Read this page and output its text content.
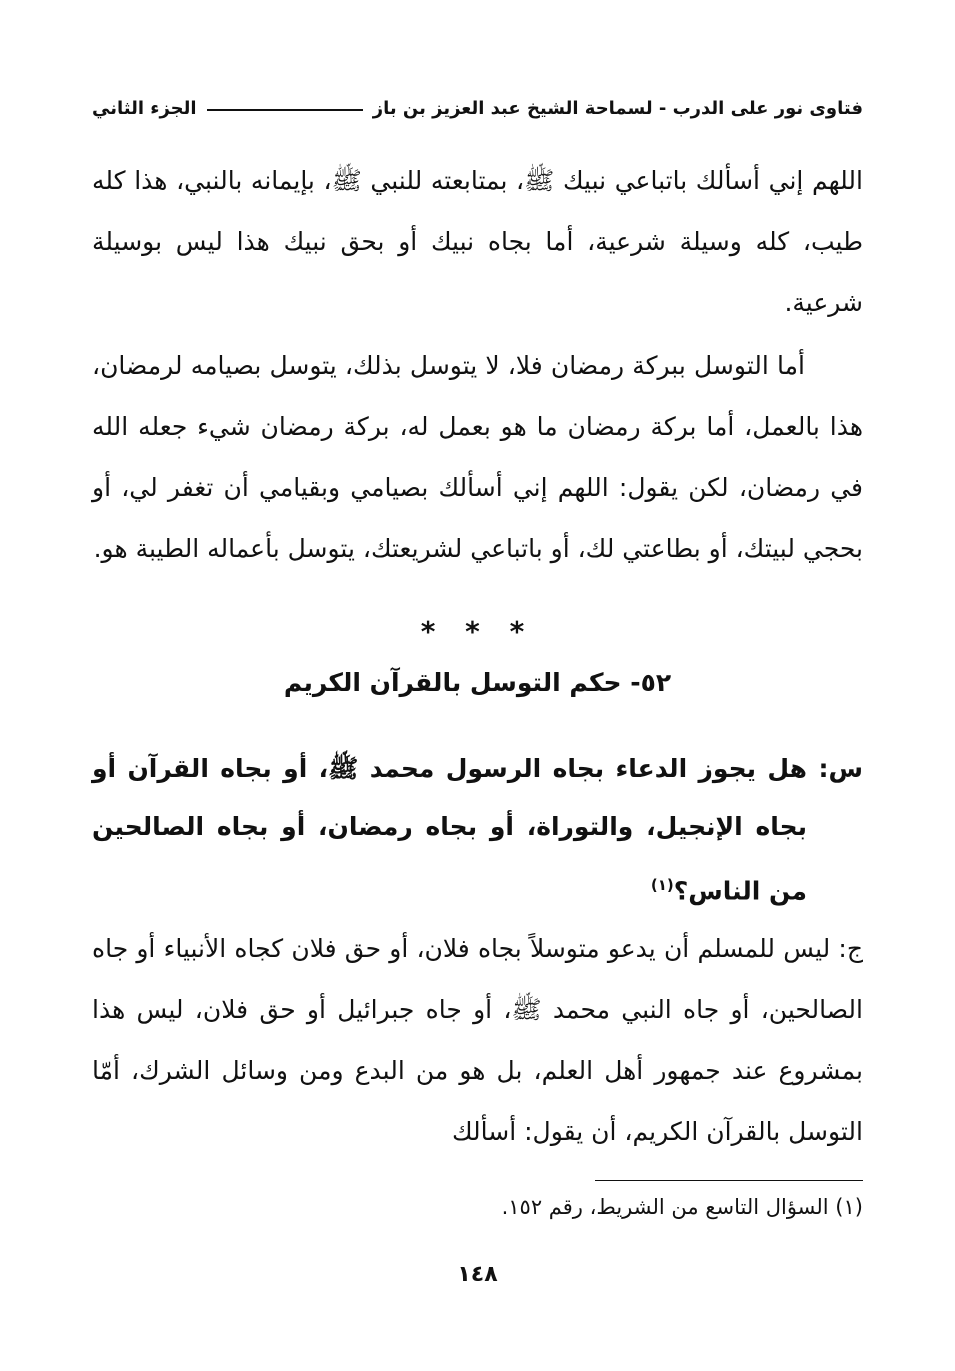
فتاوى نور على الدرب - لسماحة الشيخ عبد العزيز بن باز
الجزء الثاني

اللهم إني أسألك باتباعي نبيك ﷺ، بمتابعته للنبي ﷺ، بإيمانه بالنبي، هذا كله طيب، كله وسيلة شرعية، أما بجاه نبيك أو بحق نبيك هذا ليس بوسيلة شرعية.

أما التوسل ببركة رمضان فلا، لا يتوسل بذلك، يتوسل بصيامه لرمضان، هذا بالعمل، أما بركة رمضان ما هو بعمل له، بركة رمضان شيء جعله الله في رمضان، لكن يقول: اللهم إني أسألك بصيامي وبقيامي أن تغفر لي، أو بحجي لبيتك، أو بطاعتي لك، أو باتباعي لشريعتك، يتوسل بأعماله الطيبة هو.

* * *
٥٢- حكم التوسل بالقرآن الكريم
س:
هل يجوز الدعاء بجاه الرسول محمد ﷺ، أو بجاه القرآن أو بجاه الإنجيل، والتوراة، أو بجاه رمضان، أو بجاه الصالحين من الناس؟$^{(١)}$

ج: ليس للمسلم أن يدعو متوسلاً بجاه فلان، أو حق فلان كجاه الأنبياء أو جاه الصالحين، أو جاه النبي محمد ﷺ، أو جاه جبرائيل أو حق فلان، ليس هذا بمشروع عند جمهور أهل العلم، بل هو من البدع ومن وسائل الشرك، أمّا التوسل بالقرآن الكريم، أن يقول: أسألك

(١) السؤال التاسع من الشريط، رقم ١٥٢.
١٤٨
